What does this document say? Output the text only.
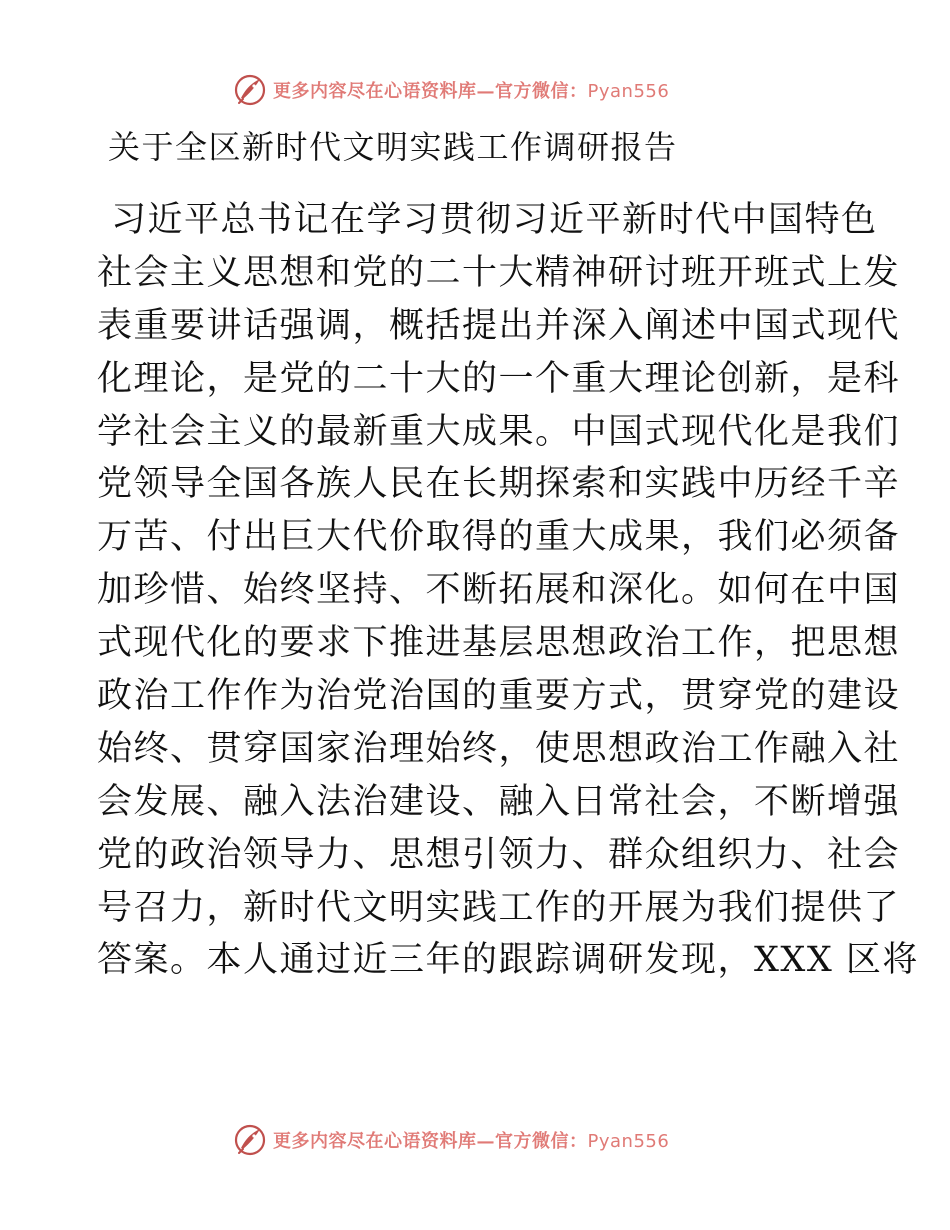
更多内容尽在心语资料库—官方微信：Pyan556
关于全区新时代文明实践工作调研报告
习近平总书记在学习贯彻习近平新时代中国特色
社会主义思想和党的二十大精神研讨班开班式上发
表重要讲话强调，概括提出并深入阐述中国式现代
化理论，是党的二十大的一个重大理论创新，是科
学社会主义的最新重大成果。中国式现代化是我们
党领导全国各族人民在长期探索和实践中历经千辛
万苦、付出巨大代价取得的重大成果，我们必须备
加珍惜、始终坚持、不断拓展和深化。如何在中国
式现代化的要求下推进基层思想政治工作，把思想
政治工作作为治党治国的重要方式，贯穿党的建设
始终、贯穿国家治理始终，使思想政治工作融入社
会发展、融入法治建设、融入日常社会，不断增强
党的政治领导力、思想引领力、群众组织力、社会
号召力，新时代文明实践工作的开展为我们提供了
答案。本人通过近三年的跟踪调研发现，XXX 区将
更多内容尽在心语资料库—官方微信：Pyan556
